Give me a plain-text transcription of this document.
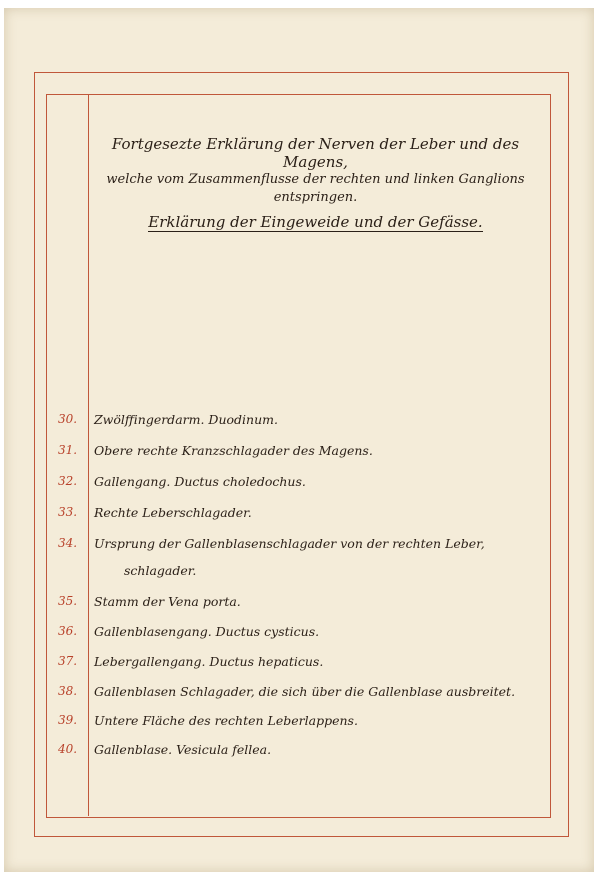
Fortgesezte Erklärung der Nerven der Leber und des Magens,
welche vom Zusammenflusse der rechten und linken Ganglions
entspringen.
Erklärung der Eingeweide und der Gefässe.
30.	Zwölffingerdarm. Duodinum.
31.	Obere rechte Kranzschlagader des Magens.
32.	Gallengang. Ductus choledochus.
33.	Rechte Leberschlagader.
34.	Ursprung der Gallenblasenschlagader von der rechten Leber,
schlagader.
35.	Stamm der Vena porta.
36.	Gallenblasengang. Ductus cysticus.
37.	Lebergallengang. Ductus hepaticus.
38.	Gallenblasen Schlagader, die sich über die Gallenblase ausbreitet.
39.	Untere Fläche des rechten Leberlappens.
40.	Gallenblase. Vesicula fellea.
